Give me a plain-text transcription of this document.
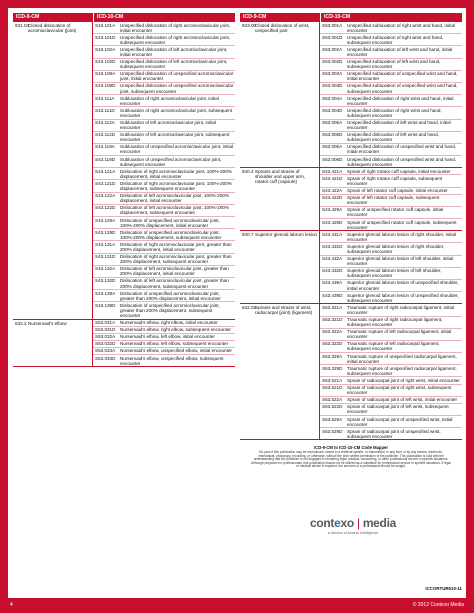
ICD-9-CM	ICD-10-CM
831.04
Closed dislocation of acromioclavicular (joint)
S43.101A	Unspecified dislocation of right acromioclavicular joint, initial encounter
S43.101D Unspecified dislocation of right acromioclavicular joint, subsequent encounter
S43.102A	Unspecified dislocation of left acromioclavicular joint, initial encounter
S43.102D Unspecified dislocation of left acromioclavicular joint, subsequent encounter
S43.109A	Unspecified dislocation of unspecified acromioclavicular joint, initial encounter
S43.109D Unspecified dislocation of unspecified acromioclavicular joint, subsequent encounter
S43.111A	Subluxation of right acromioclavicular joint, initial encounter
S43.111D	Subluxation of right acromioclavicular joint, subsequent encounter
S43.112A	Subluxation of left acromioclavicular joint, initial encounter
S43.112D	Subluxation of left acromioclavicular joint, subsequent encounter
S43.119A	Subluxation of unspecified acromioclavicular joint, initial encounter
S43.119D	Subluxation of unspecified acromioclavicular joint, subsequent encounter
S43.121A	Dislocation of right acromioclavicular joint, 100%-200% displacement, initial encounter
S43.121D Dislocation of right acromioclavicular joint, 100%-200% displacement, subsequent encounter
S43.122A	Dislocation of left acromioclavicular joint, 100%-200% displacement, initial encounter
S43.122D Dislocation of left acromioclavicular joint, 100%-200% displacement, subsequent encounter
S43.129A	Dislocation of unspecified acromioclavicular joint, 100%-200% displacement, initial encounter
S43.129D Dislocation of unspecified acromioclavicular joint, 100%-200% displacement, subsequent encounter
S43.131A	Dislocation of right acromioclavicular joint, greater than 200% displacement, initial encounter
S43.131D Dislocation of right acromioclavicular joint, greater than 200% displacement, subsequent encounter
S43.132A	Dislocation of left acromioclavicular joint, greater than 200% displacement, initial encounter
S43.132D Dislocation of left acromioclavicular joint, greater than 200% displacement, subsequent encounter
S43.139A	Dislocation of unspecified acromioclavicular joint, greater than 200% displacement, initial encounter
S43.139D Dislocation of unspecified acromioclavicular joint, greater than 200% displacement, subsequent encounter
832.2 Nursemaid's elbow	S53.031A	Nursemaid's elbow, right elbow, initial encounter
S53.031D Nursemaid's elbow, right elbow, subsequent encounter
S53.032A	Nursemaid's elbow, left elbow, initial encounter
S53.032D Nursemaid's elbow, left elbow, subsequent encounter
S53.033A	Nursemaid's elbow, unspecified elbow, initial encounter
S53.033D Nursemaid's elbow, unspecified elbow, subsequent encounter
ICD-9-CM	ICD-10-CM
833.00
Closed dislocation of wrist, unspecified part
S63.001A	Unspecified subluxation of right wrist and hand, initial encounter
S63.001D Unspecified subluxation of right wrist and hand, subsequent encounter
S63.002A	Unspecified subluxation of left wrist and hand, initial encounter
S63.002D Unspecified subluxation of left wrist and hand, subsequent encounter
S63.003A	Unspecified subluxation of unspecified wrist and hand, initial encounter
S63.003D Unspecified subluxation of unspecified wrist and hand, subsequent encounter
S63.004A	Unspecified dislocation of right wrist and hand, initial encounter
S63.004D Unspecified dislocation of right wrist and hand, subsequent encounter
S63.005A	Unspecified dislocation of left wrist and hand, initial encounter
S63.005D Unspecified dislocation of left wrist and hand, subsequent encounter
S63.006A	Unspecified dislocation of unspecified wrist and hand, initial encounter
S63.006D Unspecified dislocation of unspecified wrist and hand, subsequent encounter
840.4 Sprains and strains of shoulder and upper arm, rotator cuff (capsule)
S43.421A	Sprain of right rotator cuff capsule, initial encounter
S43.421D Sprain of right rotator cuff capsule, subsequent encounter
S43.422A	Sprain of left rotator cuff capsule, initial encounter
S43.422D Sprain of left rotator cuff capsule, subsequent encounter
S43.429A	Sprain of unspecified rotator cuff capsule, initial encounter
S43.429D Sprain of unspecified rotator cuff capsule, subsequent encounter
840.7 Superior glenoid labrum lesion S43.431A	Superior glenoid labrum lesion of right shoulder, initial encounter
S43.431D Superior glenoid labrum lesion of right shoulder, subsequent encounter
S43.432A	Superior glenoid labrum lesion of left shoulder, initial encounter
S43.432D Superior glenoid labrum lesion of left shoulder, subsequent encounter
S43.439A	Superior glenoid labrum lesion of unspecified shoulder, initial encounter
S43.439D Superior glenoid labrum lesion of unspecified shoulder, subsequent encounter
842.02
Sprains and strains of wrist, radiocarpal (joint) (ligament)
S63.321A	Traumatic rupture of right radiocarpal ligament, initial encounter
S63.321D Traumatic rupture of right radiocarpal ligament, subsequent encounter
S63.322A	Traumatic rupture of left radiocarpal ligament, initial encounter
S63.322D Traumatic rupture of left radiocarpal ligament, subsequent encounter
S63.329A	Traumatic rupture of unspecified radiocarpal ligament, initial encounter
S63.329D Traumatic rupture of unspecified radiocarpal ligament, subsequent encounter
S63.521A	Sprain of radiocarpal joint of right wrist, initial encounter
S63.521D Sprain of radiocarpal joint of right wrist, subsequent encounter
S63.522A	Sprain of radiocarpal joint of left wrist, initial encounter
S63.522D Sprain of radiocarpal joint of left wrist, subsequent encounter
S63.529A	Sprain of radiocarpal joint of unspecified wrist, initial encounter
S63.529D Sprain of radiocarpal joint of unspecified wrist, subsequent encounter
ICD-9-CM to ICD-10-CM Code Mapper
No part of this publication may be reproduced, stored in a retrieval system, or transmitted, in any form or by any means, electronic, mechanical, photocopy, recording, or otherwise, without the prior written permission of the publisher. This publication is sold with the understanding that the publisher is not engaged in rendering legal, medical, accounting, or other professional service in specific situations. Although prepared for professionals, this publication should not be utilized as a substitute for professional service in specific situations. If legal or medical advice is required, the services of a professional should be sought.
contexo | media
a division of Access Intelligence
ICCORTUR910-11
4	© 2012 Contexo Media
